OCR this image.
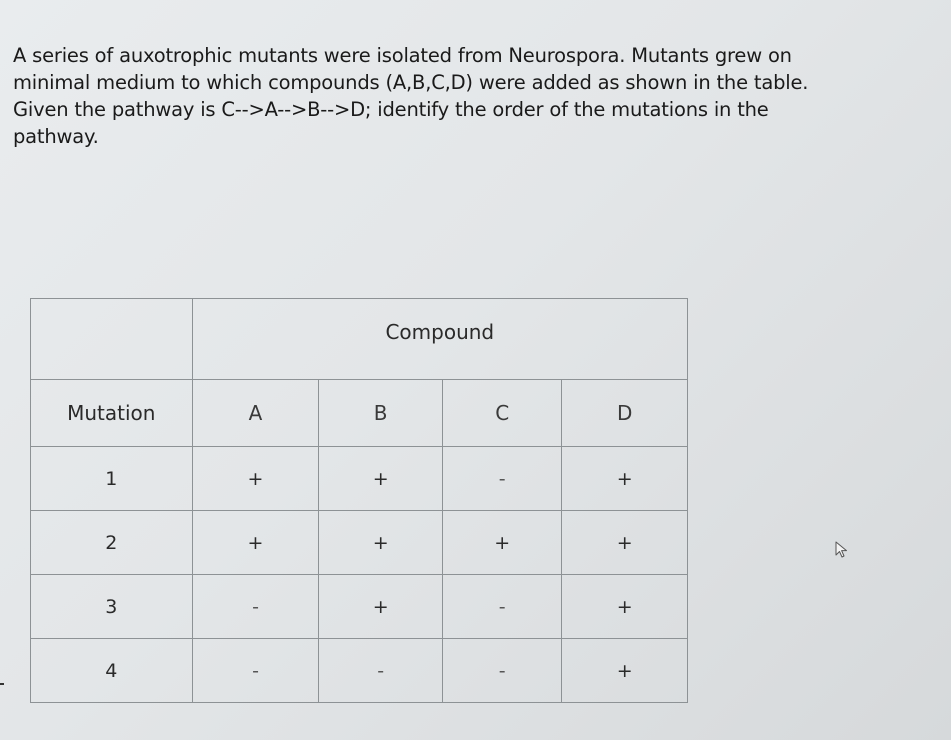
A series of auxotrophic mutants were isolated from Neurospora. Mutants grew on
minimal medium to which compounds (A,B,C,D) were added as shown in the table.
Given the pathway is C-->A-->B-->D; identify the order of the mutations in the
pathway.

	Compound			
Mutation	A	B	C	D
1	+	+	-	+
2	+	+	+	+
3	-	+	-	+
4	-	-	-	+
